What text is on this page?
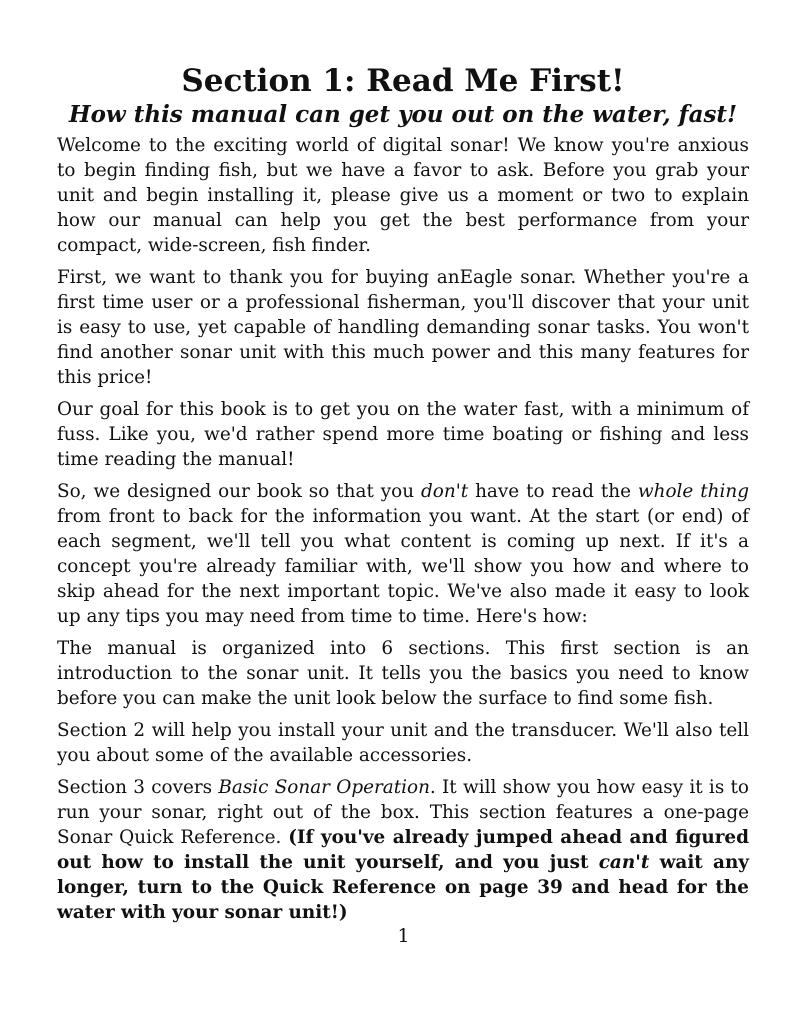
Section 1: Read Me First!
How this manual can get you out on the water, fast!

Welcome to the exciting world of digital sonar! We know you're anxious to begin finding fish, but we have a favor to ask. Before you grab your unit and begin installing it, please give us a moment or two to explain how our manual can help you get the best performance from your compact, wide-screen, fish finder.

First, we want to thank you for buying anEagle sonar. Whether you're a first time user or a professional fisherman, you'll discover that your unit is easy to use, yet capable of handling demanding sonar tasks. You won't find another sonar unit with this much power and this many features for this price!

Our goal for this book is to get you on the water fast, with a minimum of fuss. Like you, we'd rather spend more time boating or fishing and less time reading the manual!

So, we designed our book so that you don't have to read the whole thing from front to back for the information you want. At the start (or end) of each segment, we'll tell you what content is coming up next. If it's a concept you're already familiar with, we'll show you how and where to skip ahead for the next important topic. We've also made it easy to look up any tips you may need from time to time. Here's how:

The manual is organized into 6 sections. This first section is an introduction to the sonar unit. It tells you the basics you need to know before you can make the unit look below the surface to find some fish.

Section 2 will help you install your unit and the transducer. We'll also tell you about some of the available accessories.

Section 3 covers Basic Sonar Operation. It will show you how easy it is to run your sonar, right out of the box. This section features a one-page Sonar Quick Reference. (If you've already jumped ahead and figured out how to install the unit yourself, and you just can't wait any longer, turn to the Quick Reference on page 39 and head for the water with your sonar unit!)

1
